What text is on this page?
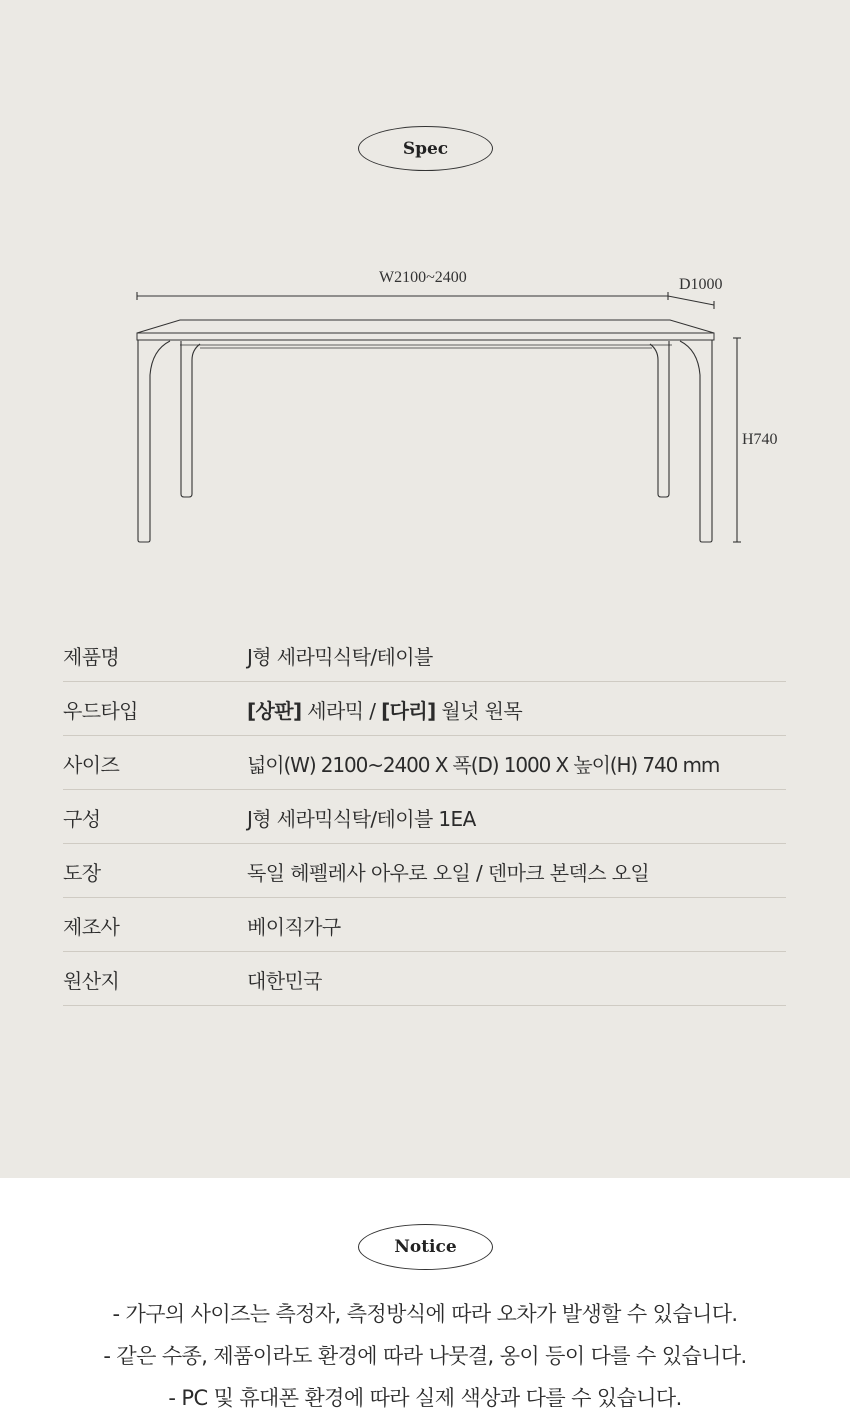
Spec
W2100~2400	D1000
H740
제품명	J형 세라믹식탁/테이블
우드타입	[상판] 세라믹 / [다리] 월넛 원목
사이즈	넓이(W) 2100~2400 X 폭(D) 1000 X 높이(H) 740 mm
구성	J형 세라믹식탁/테이블 1EA
도장	독일 헤펠레사 아우로 오일 / 덴마크 본덱스 오일
제조사	베이직가구
원산지	대한민국
Notice
- 가구의 사이즈는 측정자, 측정방식에 따라 오차가 발생할 수 있습니다.
- 같은 수종, 제품이라도 환경에 따라 나뭇결, 옹이 등이 다를 수 있습니다.
- PC 및 휴대폰 환경에 따라 실제 색상과 다를 수 있습니다.
